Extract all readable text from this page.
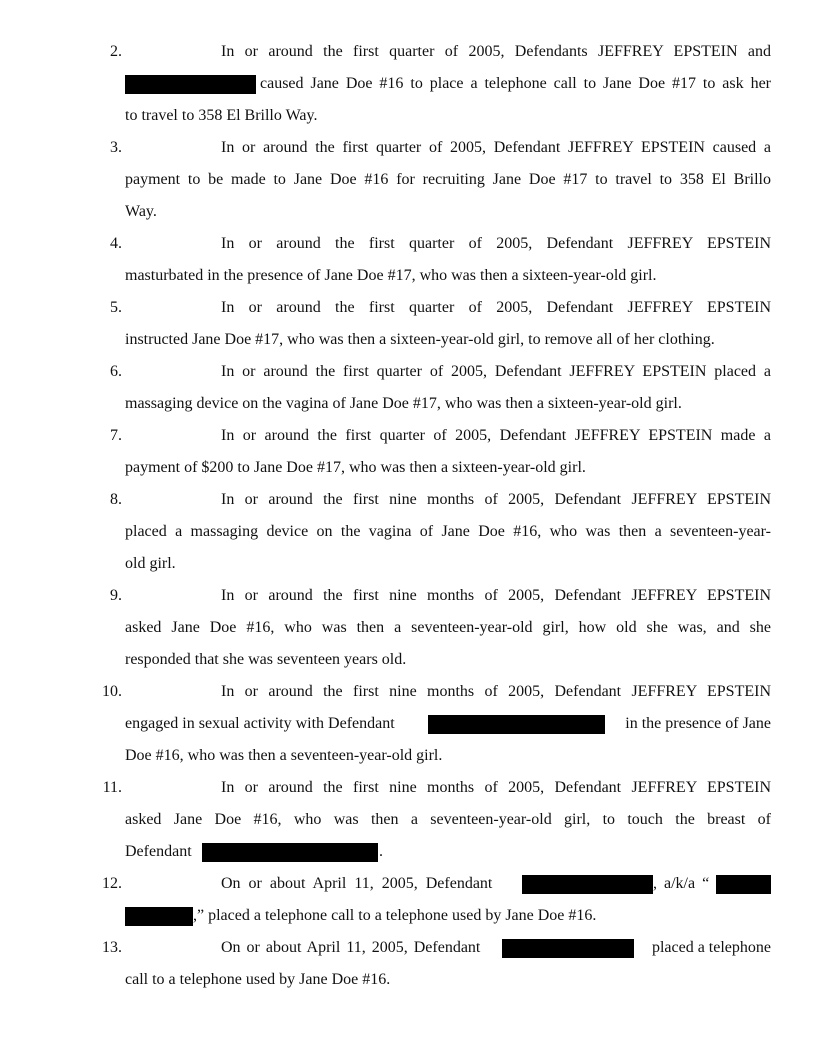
2.	In or around the first quarter of 2005, Defendants JEFFREY EPSTEIN and
caused Jane Doe #16 to place a telephone call to Jane Doe #17 to ask her
to travel to 358 El Brillo Way.
3.	In or around the first quarter of 2005, Defendant JEFFREY EPSTEIN caused a
payment to be made to Jane Doe #16 for recruiting Jane Doe #17 to travel to 358 El Brillo
Way.
4.	In or around the first quarter of 2005, Defendant JEFFREY EPSTEIN
masturbated in the presence of Jane Doe #17, who was then a sixteen-year-old girl.
5.	In or around the first quarter of 2005, Defendant JEFFREY EPSTEIN
instructed Jane Doe #17, who was then a sixteen-year-old girl, to remove all of her clothing.
6.	In or around the first quarter of 2005, Defendant JEFFREY EPSTEIN placed a
massaging device on the vagina of Jane Doe #17, who was then a sixteen-year-old girl.
7.	In or around the first quarter of 2005, Defendant JEFFREY EPSTEIN made a
payment of $200 to Jane Doe #17, who was then a sixteen-year-old girl.
8.	In or around the first nine months of 2005, Defendant JEFFREY EPSTEIN
placed a massaging device on the vagina of Jane Doe #16, who was then a seventeen-year-
old girl.
9.	In or around the first nine months of 2005, Defendant JEFFREY EPSTEIN
asked Jane Doe #16, who was then a seventeen-year-old girl, how old she was, and she
responded that she was seventeen years old.
10.	In or around the first nine months of 2005, Defendant JEFFREY EPSTEIN
engaged in sexual activity with Defendant	in the presence of Jane
Doe #16, who was then a seventeen-year-old girl.
11.	In or around the first nine months of 2005, Defendant JEFFREY EPSTEIN
asked Jane Doe #16, who was then a seventeen-year-old girl, to touch the breast of
Defendant	.
12.	On or about April 11, 2005, Defendant	, a/k/a “
,” placed a telephone call to a telephone used by Jane Doe #16.
13.	On or about April 11, 2005, Defendant	placed a telephone
call to a telephone used by Jane Doe #16.
